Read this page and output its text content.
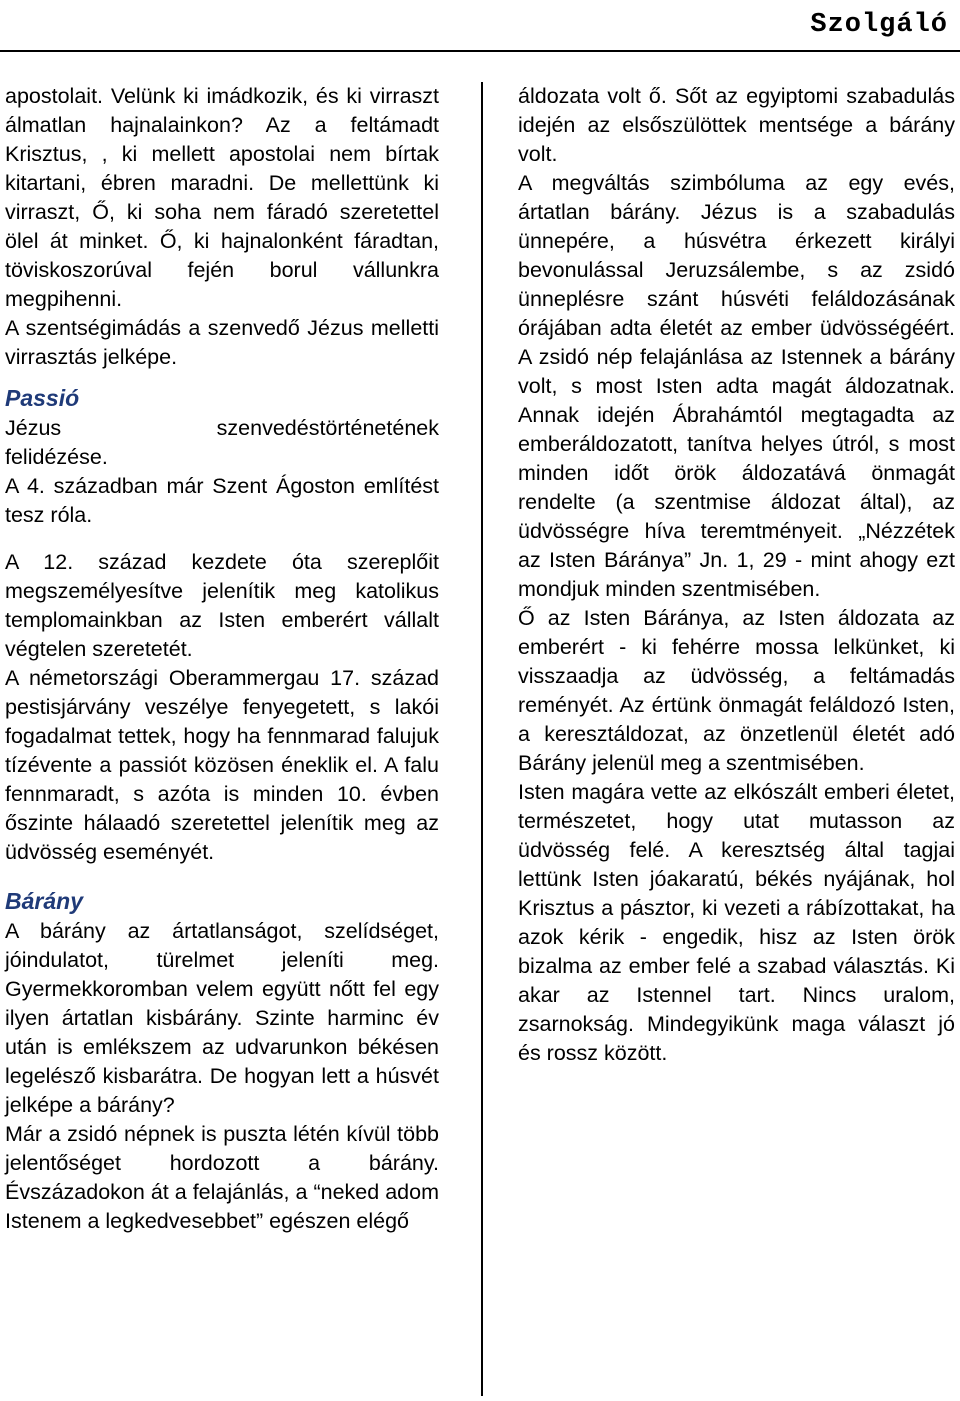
Szolgáló

apostolait. Velünk ki imádkozik, és ki virraszt álmatlan hajnalainkon? Az a feltámadt Krisztus, , ki mellett apostolai nem bírtak kitartani, ébren maradni. De mellettünk ki virraszt, Ő, ki soha nem fáradó szeretettel ölel át minket. Ő, ki hajnalonként fáradtan, töviskoszorúval fején borul vállunkra megpihenni.

A szentségimádás a szenvedő Jézus melletti virrasztás jelképe.

Passió

Jézus szenvedéstörténetének

felidézése.

A 4. században már Szent Ágoston említést tesz róla.

A 12. század kezdete óta szereplőit megszemélyesítve jelenítik meg katolikus templomainkban az Isten emberért vállalt végtelen szeretetét.

A németországi Oberammergau 17. század pestisjárvány veszélye fenyegetett, s lakói fogadalmat tettek, hogy ha fennmarad falujuk tízévente a passiót közösen éneklik el. A falu fennmaradt, s azóta is minden 10. évben őszinte hálaadó szeretettel jelenítik meg az üdvösség eseményét.

Bárány

A bárány az ártatlanságot, szelídséget, jóindulatot, türelmet jeleníti meg. Gyermekkoromban velem együtt nőtt fel egy ilyen ártatlan kisbárány. Szinte harminc év után is emlékszem az udvarunkon békésen legelésző kisbarátra. De hogyan lett a húsvét jelképe a bárány?

Már a zsidó népnek is puszta létén kívül több jelentőséget hordozott a bárány. Évszázadokon át a felajánlás, a “neked adom Istenem a legkedvesebbet” egészen elégő

áldozata volt ő. Sőt az egyiptomi szabadulás idején az elsőszülöttek mentsége a bárány volt.

A megváltás szimbóluma az egy evés, ártatlan bárány. Jézus is a szabadulás ünnepére, a húsvétra érkezett királyi bevonulással Jeruzsálembe, s az zsidó ünneplésre szánt húsvéti feláldozásának órájában adta életét az ember üdvösségéért. A zsidó nép felajánlása az Istennek a bárány volt, s most Isten adta magát áldozatnak. Annak idején Ábrahámtól megtagadta az emberáldozatott, tanítva helyes útról, s most minden időt örök áldozatává önmagát rendelte (a szentmise áldozat által), az üdvösségre híva teremtményeit. „Nézzétek az Isten Báránya” Jn. 1, 29 - mint ahogy ezt mondjuk minden szentmisében.

Ő az Isten Báránya, az Isten áldozata az emberért - ki fehérre mossa lelkünket, ki visszaadja az üdvösség, a feltámadás reményét. Az értünk önmagát feláldozó Isten, a keresztáldozat, az önzetlenül életét adó Bárány jelenül meg a szentmisében.

Isten magára vette az elkószált emberi életet, természetet, hogy utat mutasson az üdvösség felé. A keresztség által tagjai lettünk Isten jóakaratú, békés nyájának, hol Krisztus a pásztor, ki vezeti a rábízottakat, ha azok kérik - engedik, hisz az Isten örök bizalma az ember felé a szabad választás. Ki akar az Istennel tart. Nincs uralom, zsarnokság. Mindegyikünk maga választ jó és rossz között.
